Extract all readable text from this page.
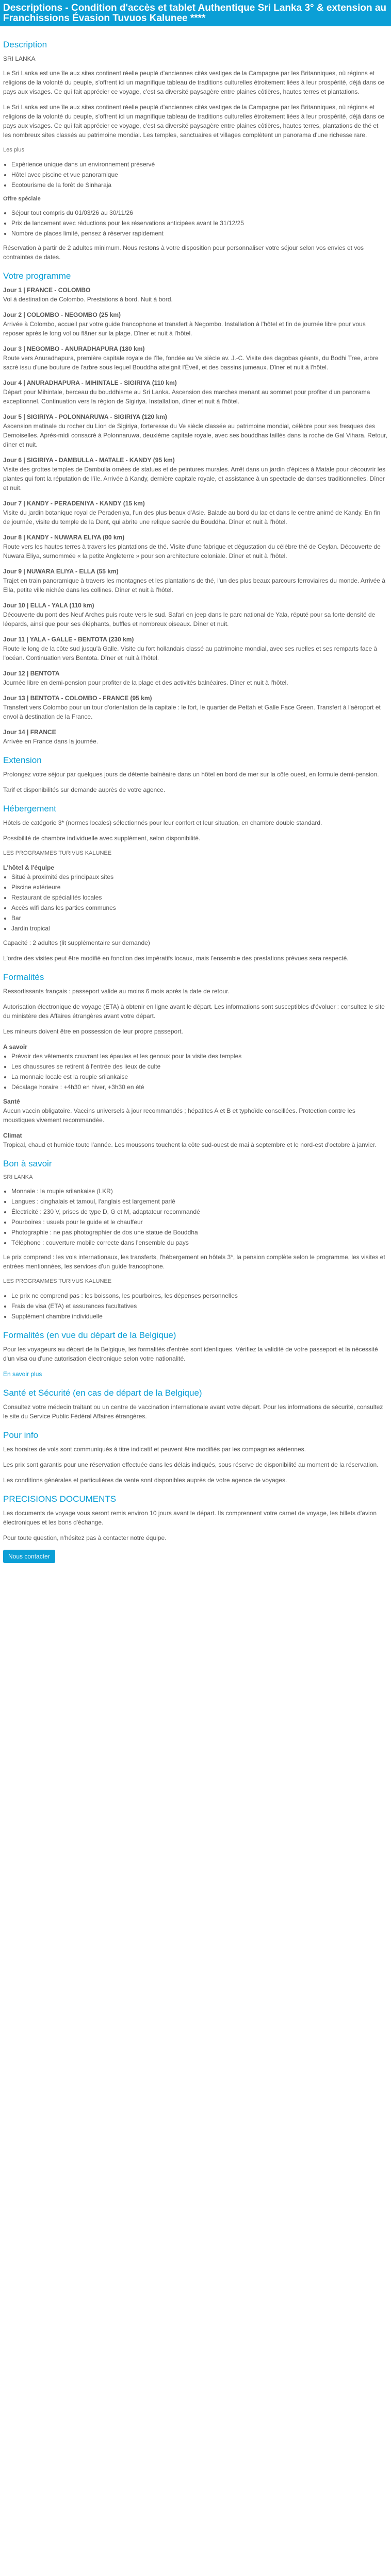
Descriptions - Condition d'accès et tablet Authentique Sri Lanka 3° & extension au Franchissions Évasion Tuvuos Kalunee ****
Description
SRI LANKA

Le Sri Lanka est une île aux sites continent réelle peuplé d'anciennes cités vestiges de la Campagne par les Britanniques, où régions et religions de la volonté du peuple, s'offrent ici un magnifique tableau de traditions culturelles étroitement liées à leur prospérité, déjà dans ce pays aux visages. Ce qui fait apprécier ce voyage, c'est sa diversité paysagère entre plaines côtières, hautes terres et plantations.

Le Sri Lanka est une île aux sites continent réelle peuplé d'anciennes cités vestiges de la Campagne par les Britanniques, où régions et religions de la volonté du peuple, s'offrent ici un magnifique tableau de traditions culturelles étroitement liées à leur prospérité, déjà dans ce pays aux visages. Ce qui fait apprécier ce voyage, c'est sa diversité paysagère entre plaines côtières, hautes terres, plantations de thé et les nombreux sites classés au patrimoine mondial. Les temples, sanctuaires et villages complètent un panorama d'une richesse rare.

Les plus
• Expérience unique dans un environnement préservé
• Hôtel avec piscine et vue panoramique
• Ecotourisme de la forêt de Sinharaja
Offre spéciale
• Séjour tout compris du 01/03/26 au 30/11/26
• Prix de lancement avec réductions pour les réservations anticipées avant le 31/12/25
• Nombre de places limité, pensez à réserver rapidement

Réservation à partir de 2 adultes minimum. Nous restons à votre disposition pour personnaliser votre séjour selon vos envies et vos contraintes de dates.

Votre programme
Jour 1 | FRANCE - COLOMBO

Vol à destination de Colombo. Prestations à bord. Nuit à bord.

Jour 2 | COLOMBO - NEGOMBO (25 km)

Arrivée à Colombo, accueil par votre guide francophone et transfert à Negombo. Installation à l'hôtel et fin de journée libre pour vous reposer après le long vol ou flâner sur la plage. Dîner et nuit à l'hôtel.

Jour 3 | NEGOMBO - ANURADHAPURA (180 km)

Route vers Anuradhapura, première capitale royale de l'île, fondée au Ve siècle av. J.-C. Visite des dagobas géants, du Bodhi Tree, arbre sacré issu d'une bouture de l'arbre sous lequel Bouddha atteignit l'Éveil, et des bassins jumeaux. Dîner et nuit à l'hôtel.

Jour 4 | ANURADHAPURA - MIHINTALE - SIGIRIYA (110 km)

Départ pour Mihintale, berceau du bouddhisme au Sri Lanka. Ascension des marches menant au sommet pour profiter d'un panorama exceptionnel. Continuation vers la région de Sigiriya. Installation, dîner et nuit à l'hôtel.

Jour 5 | SIGIRIYA - POLONNARUWA - SIGIRIYA (120 km)

Ascension matinale du rocher du Lion de Sigiriya, forteresse du Ve siècle classée au patrimoine mondial, célèbre pour ses fresques des Demoiselles. Après-midi consacré à Polonnaruwa, deuxième capitale royale, avec ses bouddhas taillés dans la roche de Gal Vihara. Retour, dîner et nuit.

Jour 6 | SIGIRIYA - DAMBULLA - MATALE - KANDY (95 km)

Visite des grottes temples de Dambulla ornées de statues et de peintures murales. Arrêt dans un jardin d'épices à Matale pour découvrir les plantes qui font la réputation de l'île. Arrivée à Kandy, dernière capitale royale, et assistance à un spectacle de danses traditionnelles. Dîner et nuit.

Jour 7 | KANDY - PERADENIYA - KANDY (15 km)

Visite du jardin botanique royal de Peradeniya, l'un des plus beaux d'Asie. Balade au bord du lac et dans le centre animé de Kandy. En fin de journée, visite du temple de la Dent, qui abrite une relique sacrée du Bouddha. Dîner et nuit à l'hôtel.

Jour 8 | KANDY - NUWARA ELIYA (80 km)

Route vers les hautes terres à travers les plantations de thé. Visite d'une fabrique et dégustation du célèbre thé de Ceylan. Découverte de Nuwara Eliya, surnommée « la petite Angleterre » pour son architecture coloniale. Dîner et nuit à l'hôtel.

Jour 9 | NUWARA ELIYA - ELLA (55 km)

Trajet en train panoramique à travers les montagnes et les plantations de thé, l'un des plus beaux parcours ferroviaires du monde. Arrivée à Ella, petite ville nichée dans les collines. Dîner et nuit à l'hôtel.

Jour 10 | ELLA - YALA (110 km)

Découverte du pont des Neuf Arches puis route vers le sud. Safari en jeep dans le parc national de Yala, réputé pour sa forte densité de léopards, ainsi que pour ses éléphants, buffles et nombreux oiseaux. Dîner et nuit.

Jour 11 | YALA - GALLE - BENTOTA (230 km)

Route le long de la côte sud jusqu'à Galle. Visite du fort hollandais classé au patrimoine mondial, avec ses ruelles et ses remparts face à l'océan. Continuation vers Bentota. Dîner et nuit à l'hôtel.

Jour 12 | BENTOTA

Journée libre en demi-pension pour profiter de la plage et des activités balnéaires. Dîner et nuit à l'hôtel.

Jour 13 | BENTOTA - COLOMBO - FRANCE (95 km)

Transfert vers Colombo pour un tour d'orientation de la capitale : le fort, le quartier de Pettah et Galle Face Green. Transfert à l'aéroport et envol à destination de la France.

Jour 14 | FRANCE

Arrivée en France dans la journée.

Extension

Prolongez votre séjour par quelques jours de détente balnéaire dans un hôtel en bord de mer sur la côte ouest, en formule demi-pension.

Tarif et disponibilités sur demande auprès de votre agence.

Hébergement

Hôtels de catégorie 3* (normes locales) sélectionnés pour leur confort et leur situation, en chambre double standard.

Possibilité de chambre individuelle avec supplément, selon disponibilité.

LES PROGRAMMES TURIVUS KALUNEE
L'hôtel & l'équipe
• Situé à proximité des principaux sites
• Piscine extérieure
• Restaurant de spécialités locales
• Accès wifi dans les parties communes
• Bar
• Jardin tropical

Capacité : 2 adultes (lit supplémentaire sur demande)

L'ordre des visites peut être modifié en fonction des impératifs locaux, mais l'ensemble des prestations prévues sera respecté.

Formalités

Ressortissants français : passeport valide au moins 6 mois après la date de retour.

Autorisation électronique de voyage (ETA) à obtenir en ligne avant le départ. Les informations sont susceptibles d'évoluer : consultez le site du ministère des Affaires étrangères avant votre départ.

Les mineurs doivent être en possession de leur propre passeport.

A savoir
• Prévoir des vêtements couvrant les épaules et les genoux pour la visite des temples
• Les chaussures se retirent à l'entrée des lieux de culte
• La monnaie locale est la roupie srilankaise
• Décalage horaire : +4h30 en hiver, +3h30 en été
Santé

Aucun vaccin obligatoire. Vaccins universels à jour recommandés ; hépatites A et B et typhoïde conseillées. Protection contre les moustiques vivement recommandée.

Climat

Tropical, chaud et humide toute l'année. Les moussons touchent la côte sud-ouest de mai à septembre et le nord-est d'octobre à janvier.

Bon à savoir
SRI LANKA
• Monnaie : la roupie srilankaise (LKR)
• Langues : cinghalais et tamoul, l'anglais est largement parlé
• Électricité : 230 V, prises de type D, G et M, adaptateur recommandé
• Pourboires : usuels pour le guide et le chauffeur
• Photographie : ne pas photographier de dos une statue de Bouddha
• Téléphone : couverture mobile correcte dans l'ensemble du pays

Le prix comprend : les vols internationaux, les transferts, l'hébergement en hôtels 3*, la pension complète selon le programme, les visites et entrées mentionnées, les services d'un guide francophone.

LES PROGRAMMES TURIVUS KALUNEE
• Le prix ne comprend pas : les boissons, les pourboires, les dépenses personnelles
• Frais de visa (ETA) et assurances facultatives
• Supplément chambre individuelle
Formalités (en vue du départ de la Belgique)

Pour les voyageurs au départ de la Belgique, les formalités d'entrée sont identiques. Vérifiez la validité de votre passeport et la nécessité d'un visa ou d'une autorisation électronique selon votre nationalité.

En savoir plus
Santé et Sécurité (en cas de départ de la Belgique)

Consultez votre médecin traitant ou un centre de vaccination internationale avant votre départ. Pour les informations de sécurité, consultez le site du Service Public Fédéral Affaires étrangères.

Pour info

Les horaires de vols sont communiqués à titre indicatif et peuvent être modifiés par les compagnies aériennes.

Les prix sont garantis pour une réservation effectuée dans les délais indiqués, sous réserve de disponibilité au moment de la réservation.

Les conditions générales et particulières de vente sont disponibles auprès de votre agence de voyages.

PRECISIONS DOCUMENTS

Les documents de voyage vous seront remis environ 10 jours avant le départ. Ils comprennent votre carnet de voyage, les billets d'avion électroniques et les bons d'échange.

Pour toute question, n'hésitez pas à contacter notre équipe.

Nous contacter
